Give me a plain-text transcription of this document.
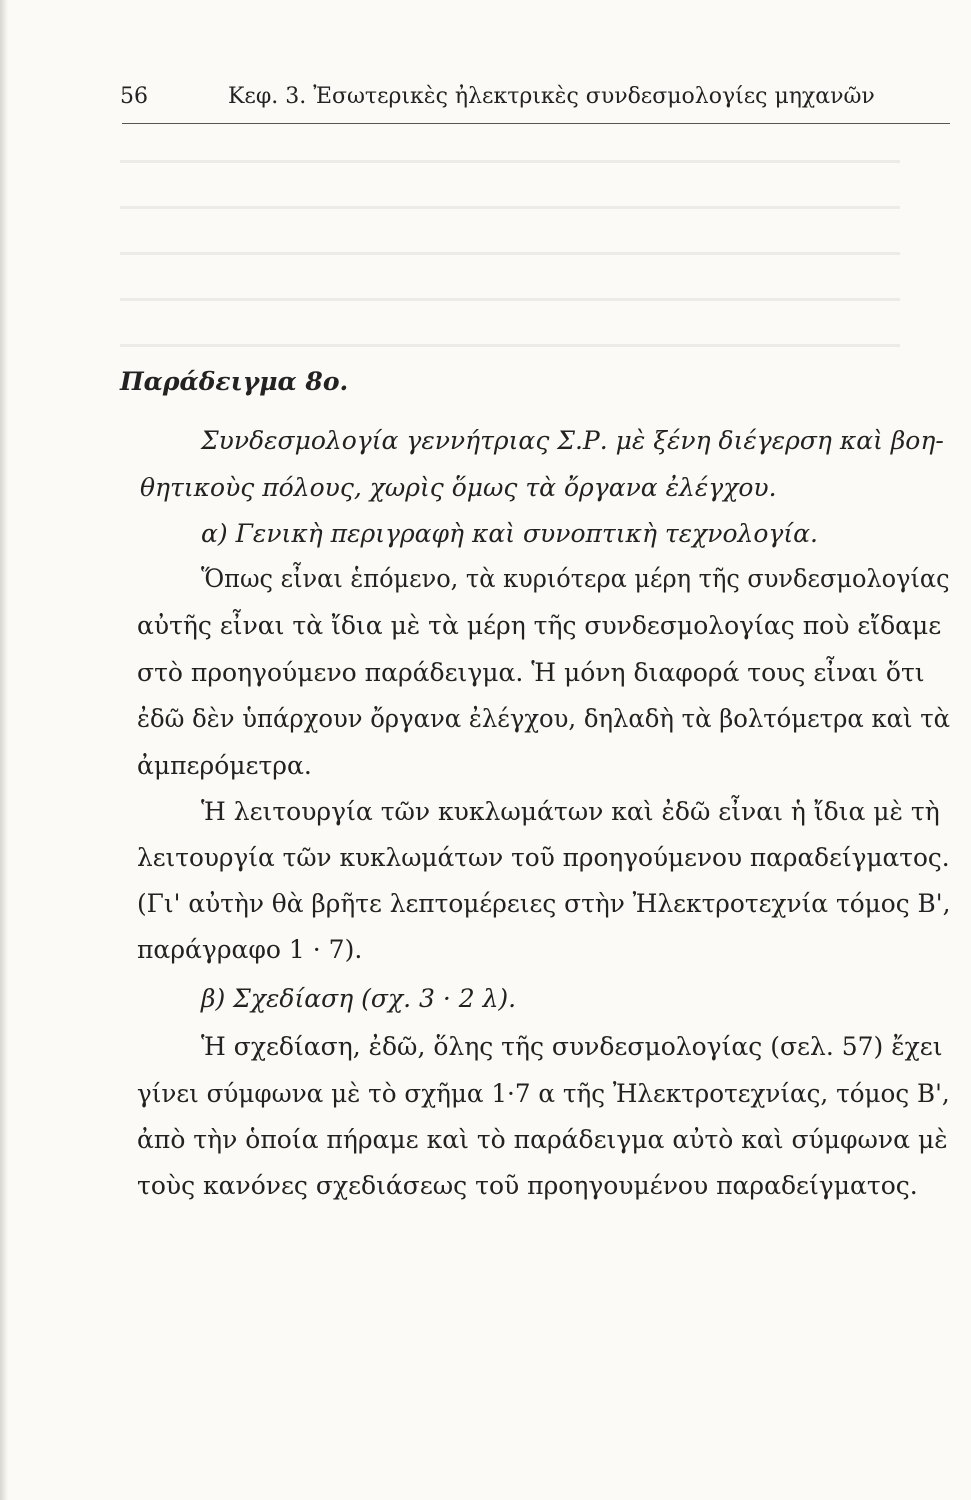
56	Κεφ. 3. Ἐσωτερικὲς ἠλεκτρικὲς συνδεσμολογίες μηχανῶν
Παράδειγμα 8ο.
Συνδεσμολογία γεννήτριας Σ.Ρ. μὲ ξένη διέγερση καὶ βοη-
θητικοὺς πόλους, χωρὶς ὅμως τὰ ὄργανα ἐλέγχου.
α) Γενικὴ περιγραφὴ καὶ συνοπτικὴ τεχνολογία.
Ὅπως εἶναι ἑπόμενο, τὰ κυριότερα μέρη τῆς συνδεσμολογίας
αὐτῆς εἶναι τὰ ἴδια μὲ τὰ μέρη τῆς συνδεσμολογίας ποὺ εἴδαμε
στὸ προηγούμενο παράδειγμα. Ἡ μόνη διαφορά τους εἶναι ὅτι
ἐδῶ δὲν ὑπάρχουν ὄργανα ἐλέγχου, δηλαδὴ τὰ βολτόμετρα καὶ τὰ
ἀμπερόμετρα.
Ἡ λειτουργία τῶν κυκλωμάτων καὶ ἐδῶ εἶναι ἡ ἴδια μὲ τὴ
λειτουργία τῶν κυκλωμάτων τοῦ προηγούμενου παραδείγματος.
(Γι' αὐτὴν θὰ βρῆτε λεπτομέρειες στὴν Ἠλεκτροτεχνία τόμος Β',
παράγραφο 1 · 7).
β) Σχεδίαση (σχ. 3 · 2 λ).
Ἡ σχεδίαση, ἐδῶ, ὅλης τῆς συνδεσμολογίας (σελ. 57) ἔχει
γίνει σύμφωνα μὲ τὸ σχῆμα 1·7 α τῆς Ἠλεκτροτεχνίας, τόμος Β',
ἀπὸ τὴν ὁποία πήραμε καὶ τὸ παράδειγμα αὐτὸ καὶ σύμφωνα μὲ
τοὺς κανόνες σχεδιάσεως τοῦ προηγουμένου παραδείγματος.
